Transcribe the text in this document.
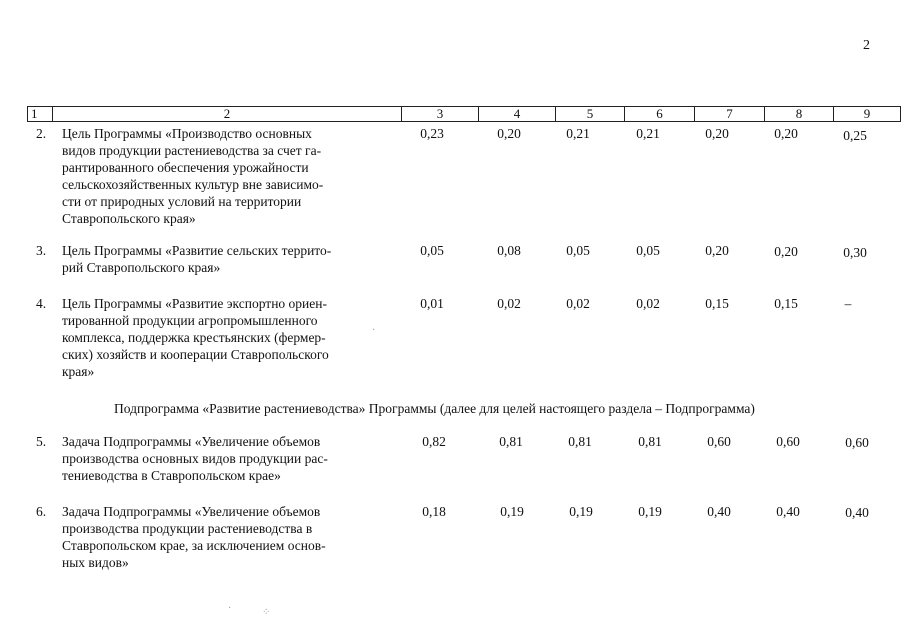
2
1	2	3	4	5	6	7	8	9
2. Цель Программы «Производство основных
видов продукции растениеводства за счет га-
рантированного обеспечения урожайности
сельскохозяйственных культур вне зависимо-
сти от природных условий на территории
Ставропольского края»
0,23	0,20	0,21	0,21	0,20	0,20	0,25
3. Цель Программы «Развитие сельских террито-
рий Ставропольского края»
0,05	0,08	0,05	0,05	0,20	0,20	0,30
4. Цель Программы «Развитие экспортно ориен-
тированной продукции агропромышленного
комплекса, поддержка крестьянских (фермер-
ских) хозяйств и кооперации Ставропольского
края»
0,01	0,02	0,02	0,02	0,15	0,15	–
Подпрограмма «Развитие растениеводства» Программы (далее для целей настоящего раздела – Подпрограмма)
5. Задача Подпрограммы «Увеличение объемов
производства основных видов продукции рас-
тениеводства в Ставропольском крае»
0,82	0,81	0,81	0,81	0,60	0,60	0,60
6. Задача Подпрограммы «Увеличение объемов
производства продукции растениеводства в
Ставропольском крае, за исключением основ-
ных видов»
0,18	0,19	0,19	0,19	0,40	0,40	0,40
·	⁘
·
